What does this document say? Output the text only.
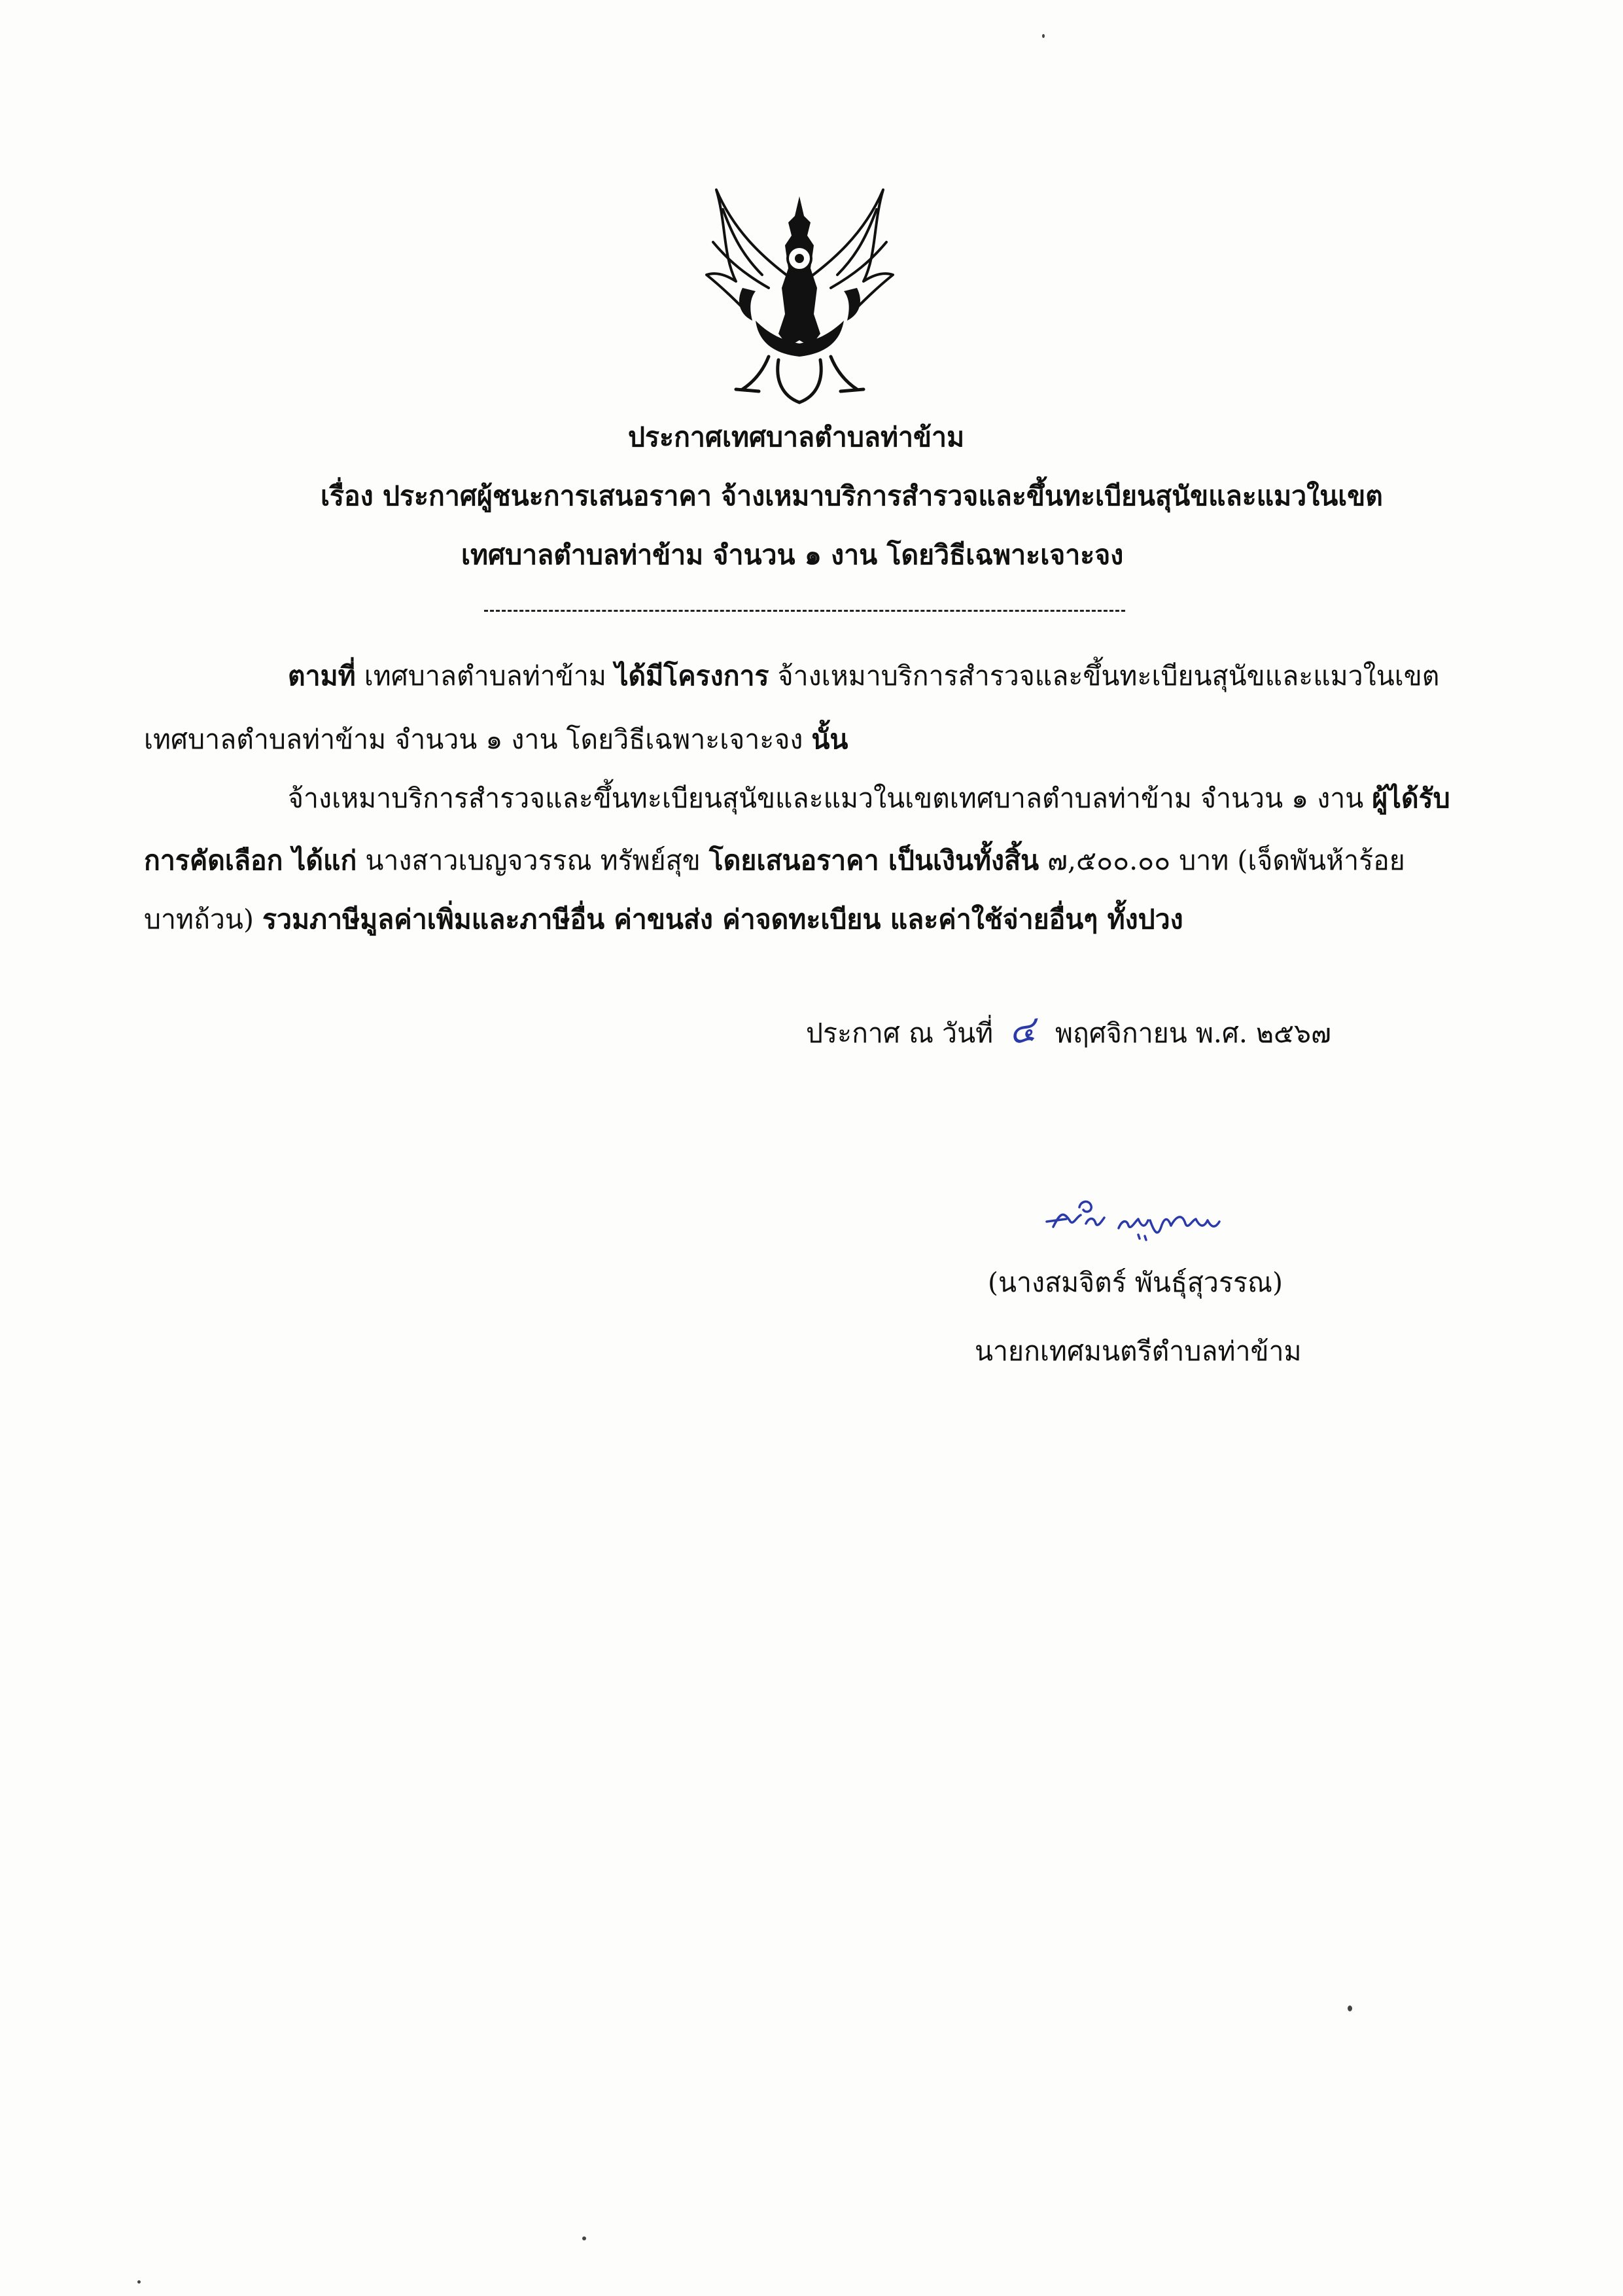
ประกาศเทศบาลตำบลท่าข้าม
เรื่อง ประกาศผู้ชนะการเสนอราคา จ้างเหมาบริการสำรวจและขึ้นทะเบียนสุนัขและแมวในเขต
เทศบาลตำบลท่าข้าม จำนวน ๑ งาน โดยวิธีเฉพาะเจาะจง
ตามที่ เทศบาลตำบลท่าข้าม ได้มีโครงการ จ้างเหมาบริการสำรวจและขึ้นทะเบียนสุนัขและแมวในเขต
เทศบาลตำบลท่าข้าม จำนวน ๑ งาน โดยวิธีเฉพาะเจาะจง นั้น
จ้างเหมาบริการสำรวจและขึ้นทะเบียนสุนัขและแมวในเขตเทศบาลตำบลท่าข้าม จำนวน ๑ งาน ผู้ได้รับ
การคัดเลือก ได้แก่ นางสาวเบญจวรรณ ทรัพย์สุข โดยเสนอราคา เป็นเงินทั้งสิ้น ๗,๕๐๐.๐๐ บาท (เจ็ดพันห้าร้อย
บาทถ้วน) รวมภาษีมูลค่าเพิ่มและภาษีอื่น ค่าขนส่ง ค่าจดทะเบียน และค่าใช้จ่ายอื่นๆ ทั้งปวง
ประกาศ ณ วันที่ ๔ พฤศจิกายน พ.ศ. ๒๕๖๗
(นางสมจิตร์ พันธุ์สุวรรณ)
นายกเทศมนตรีตำบลท่าข้าม
